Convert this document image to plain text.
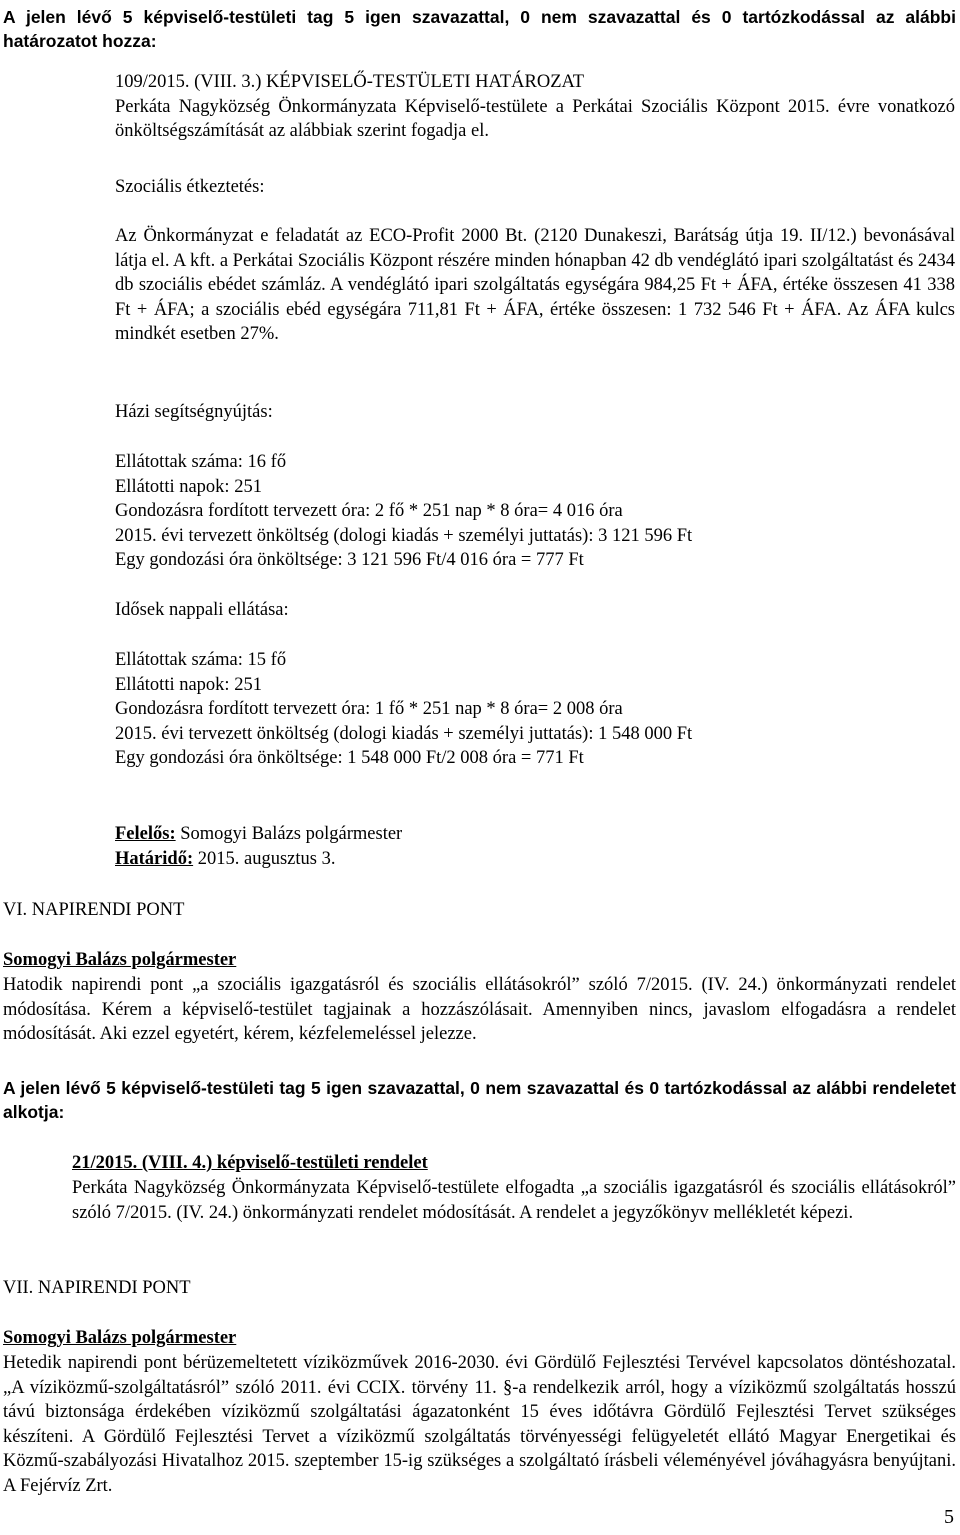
A jelen lévő 5 képviselő-testületi tag 5 igen szavazattal, 0 nem szavazattal és 0 tartózkodással az alábbi határozatot hozza:

109/2015. (VIII. 3.) KÉPVISELŐ-TESTÜLETI HATÁROZAT

Perkáta Nagyközség Önkormányzata Képviselő-testülete a Perkátai Szociális Központ 2015. évre vonatkozó önköltségszámítását az alábbiak szerint fogadja el.

Szociális étkeztetés:

Az Önkormányzat e feladatát az ECO-Profit 2000 Bt. (2120 Dunakeszi, Barátság útja 19. II/12.) bevonásával látja el. A kft. a Perkátai Szociális Központ részére minden hónapban 42 db vendéglátó ipari szolgáltatást és 2434 db szociális ebédet számláz. A vendéglátó ipari szolgáltatás egységára 984,25 Ft + ÁFA, értéke összesen 41 338 Ft + ÁFA; a szociális ebéd egységára 711,81 Ft + ÁFA, értéke összesen: 1 732 546 Ft + ÁFA. Az ÁFA kulcs mindkét esetben 27%.

Házi segítségnyújtás:

Ellátottak száma: 16 fő

Ellátotti napok: 251

Gondozásra fordított tervezett óra: 2 fő * 251 nap * 8 óra= 4 016 óra

2015. évi tervezett önköltség (dologi kiadás + személyi juttatás): 3 121 596 Ft

Egy gondozási óra önköltsége: 3 121 596 Ft/4 016 óra = 777 Ft

Idősek nappali ellátása:

Ellátottak száma: 15 fő

Ellátotti napok: 251

Gondozásra fordított tervezett óra: 1 fő * 251 nap * 8 óra= 2 008 óra

2015. évi tervezett önköltség (dologi kiadás + személyi juttatás): 1 548 000 Ft

Egy gondozási óra önköltsége: 1 548 000 Ft/2 008 óra = 771 Ft

Felelős: Somogyi Balázs polgármester

Határidő: 2015. augusztus 3.

VI. NAPIRENDI PONT

Somogyi Balázs polgármester

Hatodik napirendi pont „a szociális igazgatásról és szociális ellátásokról” szóló 7/2015. (IV. 24.) önkormányzati rendelet módosítása. Kérem a képviselő-testület tagjainak a hozzászólásait. Amennyiben nincs, javaslom elfogadásra a rendelet módosítását. Aki ezzel egyetért, kérem, kézfelemeléssel jelezze.

A jelen lévő 5 képviselő-testületi tag 5 igen szavazattal, 0 nem szavazattal és 0 tartózkodással az alábbi rendeletet alkotja:

21/2015. (VIII. 4.) képviselő-testületi rendelet

Perkáta Nagyközség Önkormányzata Képviselő-testülete elfogadta „a szociális igazgatásról és szociális ellátásokról” szóló 7/2015. (IV. 24.) önkormányzati rendelet módosítását. A rendelet a jegyzőkönyv mellékletét képezi.

VII. NAPIRENDI PONT

Somogyi Balázs polgármester

Hetedik napirendi pont bérüzemeltetett víziközművek 2016-2030. évi Gördülő Fejlesztési Tervével kapcsolatos döntéshozatal. „A víziközmű-szolgáltatásról” szóló 2011. évi CCIX. törvény 11. §-a rendelkezik arról, hogy a víziközmű szolgáltatás hosszú távú biztonsága érdekében víziközmű szolgáltatási ágazatonként 15 éves időtávra Gördülő Fejlesztési Tervet szükséges készíteni. A Gördülő Fejlesztési Tervet a víziközmű szolgáltatás törvényességi felügyeletét ellátó Magyar Energetikai és Közmű-szabályozási Hivatalhoz 2015. szeptember 15-ig szükséges a szolgáltató írásbeli véleményével jóváhagyásra benyújtani. A Fejérvíz Zrt.

5
